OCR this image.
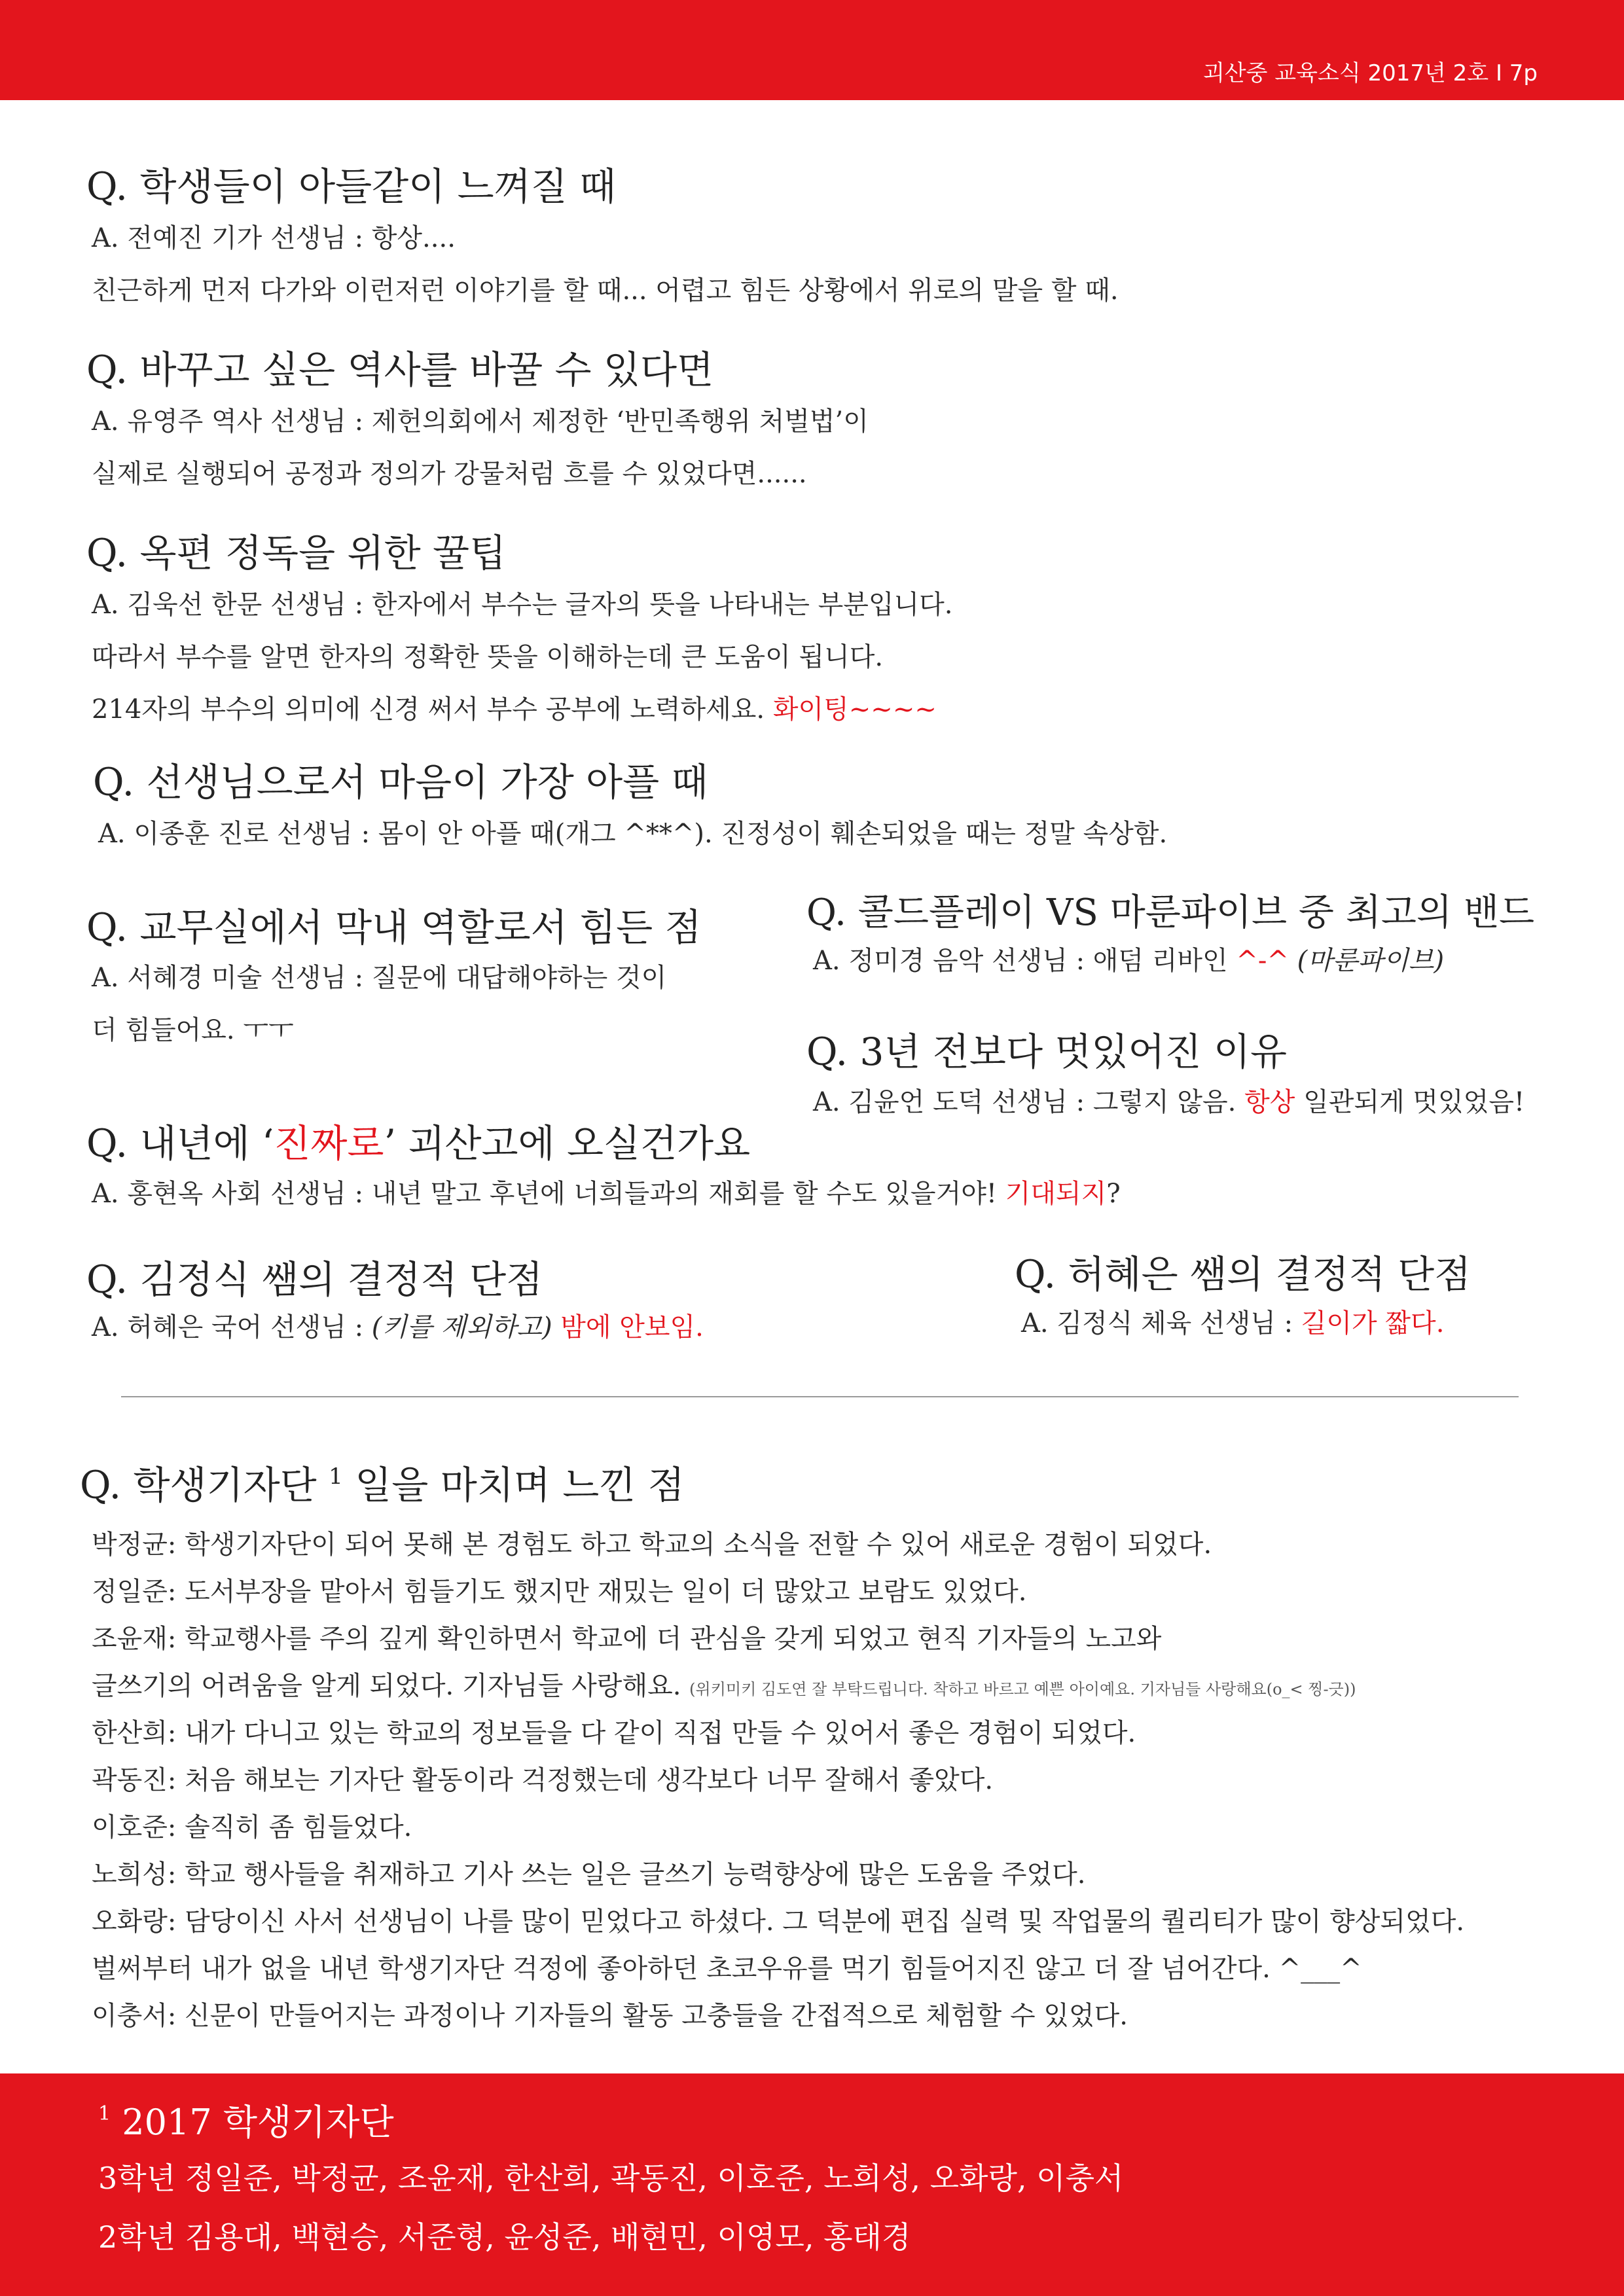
괴산중 교육소식 2017년 2호 I 7p
Q. 학생들이 아들같이 느껴질 때
A. 전예진 기가 선생님 : 항상....
친근하게 먼저 다가와 이런저런 이야기를 할 때... 어렵고 힘든 상황에서 위로의 말을 할 때.
Q. 바꾸고 싶은 역사를 바꿀 수 있다면
A. 유영주 역사 선생님 : 제헌의회에서 제정한 ‘반민족행위 처벌법’이
실제로 실행되어 공정과 정의가 강물처럼 흐를 수 있었다면......
Q. 옥편 정독을 위한 꿀팁
A. 김욱선 한문 선생님 : 한자에서 부수는 글자의 뜻을 나타내는 부분입니다.
따라서 부수를 알면 한자의 정확한 뜻을 이해하는데 큰 도움이 됩니다.
214자의 부수의 의미에 신경 써서 부수 공부에 노력하세요. 화이팅~~~~
Q. 선생님으로서 마음이 가장 아플 때
A. 이종훈 진로 선생님 : 몸이 안 아플 때(개그 ^**^). 진정성이 훼손되었을 때는 정말 속상함.
Q. 교무실에서 막내 역할로서 힘든 점
A. 서혜경 미술 선생님 : 질문에 대답해야하는 것이
더 힘들어요. ㅜㅜ
Q. 콜드플레이 VS 마룬파이브 중 최고의 밴드
A. 정미경 음악 선생님 : 애덤 리바인 ^-^ (마룬파이브)
Q. 3년 전보다 멋있어진 이유
A. 김윤언 도덕 선생님 : 그렇지 않음. 항상 일관되게 멋있었음!
Q. 내년에 ‘진짜로’ 괴산고에 오실건가요
A. 홍현옥 사회 선생님 : 내년 말고 후년에 너희들과의 재회를 할 수도 있을거야! 기대되지?
Q. 김정식 쌤의 결정적 단점
A. 허혜은 국어 선생님 : (키를 제외하고) 밤에 안보임.
Q. 허혜은 쌤의 결정적 단점
A. 김정식 체육 선생님 : 길이가 짧다.
Q. 학생기자단 $^1$ 일을 마치며 느낀 점
박정균: 학생기자단이 되어 못해 본 경험도 하고 학교의 소식을 전할 수 있어 새로운 경험이 되었다.
정일준: 도서부장을 맡아서 힘들기도 했지만 재밌는 일이 더 많았고 보람도 있었다.
조윤재: 학교행사를 주의 깊게 확인하면서 학교에 더 관심을 갖게 되었고 현직 기자들의 노고와
글쓰기의 어려움을 알게 되었다. 기자님들 사랑해요. (위키미키 김도연 잘 부탁드립니다. 착하고 바르고 예쁜 아이예요. 기자님들 사랑해요(o_< 찡-긋))
한산희: 내가 다니고 있는 학교의 정보들을 다 같이 직접 만들 수 있어서 좋은 경험이 되었다.
곽동진: 처음 해보는 기자단 활동이라 걱정했는데 생각보다 너무 잘해서 좋았다.
이호준: 솔직히 좀 힘들었다.
노희성: 학교 행사들을 취재하고 기사 쓰는 일은 글쓰기 능력향상에 많은 도움을 주었다.
오화랑: 담당이신 사서 선생님이 나를 많이 믿었다고 하셨다. 그 덕분에 편집 실력 및 작업물의 퀄리티가 많이 향상되었다.
벌써부터 내가 없을 내년 학생기자단 걱정에 좋아하던 초코우유를 먹기 힘들어지진 않고 더 잘 넘어간다. ^___^
이충서: 신문이 만들어지는 과정이나 기자들의 활동 고충들을 간접적으로 체험할 수 있었다.
$^1$ 2017 학생기자단
3학년 정일준, 박정균, 조윤재, 한산희, 곽동진, 이호준, 노희성, 오화랑, 이충서
2학년 김용대, 백현승, 서준형, 윤성준, 배현민, 이영모, 홍태경
